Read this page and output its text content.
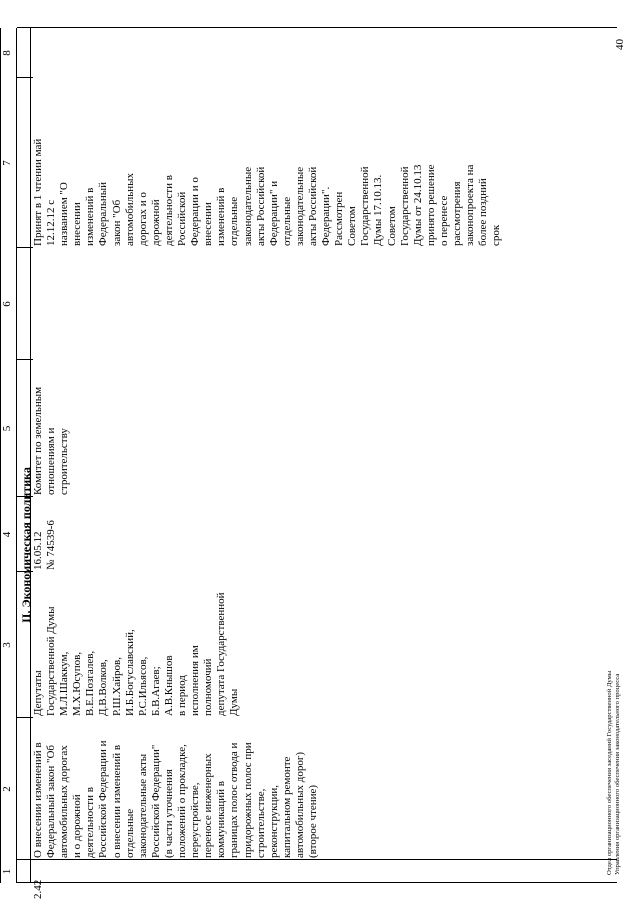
1
2
3
4
5
6
7
8
II. Экономическая политика
2.42
О внесении изменений в
Федеральный закон "Об
автомобильных дорогах
и о дорожной
деятельности в
Российской Федерации и
о внесении изменений в
отдельные
законодательные акты
Российской Федерации"
(в части уточнения
положений о прокладке,
переустройстве,
переносе инженерных
коммуникаций в
границах полос отвода и
придорожных полос при
строительстве,
реконструкции,
капитальном ремонте
автомобильных дорог)
(второе чтение)
Депутаты
Государственной Думы
М.Л.Шаккум,
М.Х.Юсупов,
В.Е.Позгалев,
Д.В.Волков,
Р.Ш.Хайров,
И.Б.Богуславский,
Р.С.Ильясов,
Б.В.Агаев;
А.В.Кнышов
в период
исполнения им
полномочий
депутата Государственной
Думы
16.05.12 № 74539-6
Комитет по земельным
отношениям и
строительству
Принят в 1 чтении май
12.12.12 с
названием "О
внесении
изменений в
Федеральный
закон "Об
автомобильных
дорогах и о
дорожной
деятельности в
Российской
Федерации и о
внесении
изменений в
отдельные
законодательные
акты Российской
Федерации" и
отдельные
законодательные
акты Российской
Федерации".
Рассмотрен
Советом
Государственной
Думы 17.10.13.
Советом
Государственной
Думы от 24.10.13
принято решение
о перенесе
рассмотрения
законопроекта на
более поздний
срок
Отдел организационного обеспечения заседаний Государственной Думы
Управления организационного обеспечения законодательного процесса
40
